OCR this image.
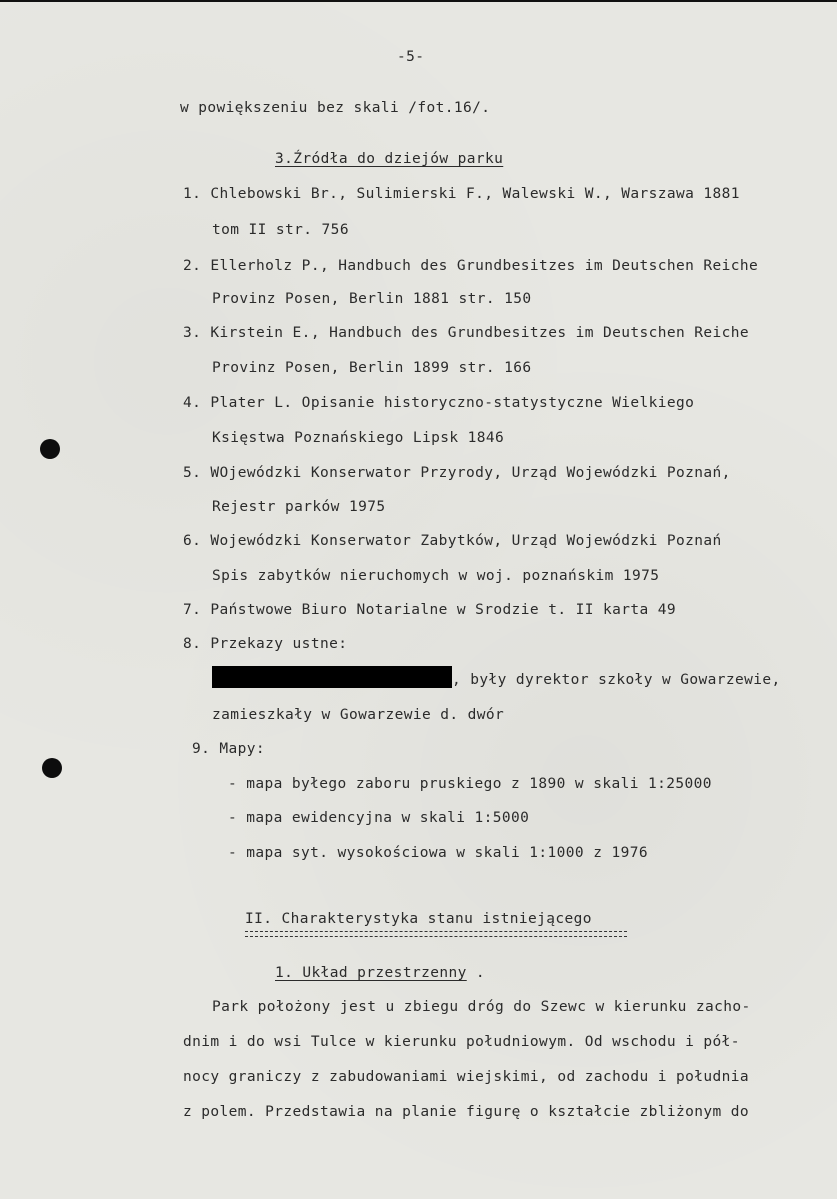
-5-
w powiększeniu bez skali /fot.16/.
3.Źródła do dziejów parku
1. Chlebowski Br., Sulimierski F., Walewski W., Warszawa 1881
tom II str. 756
2. Ellerholz P., Handbuch des Grundbesitzes im Deutschen Reiche
Provinz Posen, Berlin 1881 str. 150
3. Kirstein E., Handbuch des Grundbesitzes im Deutschen Reiche
Provinz Posen, Berlin 1899 str. 166
4. Plater L. Opisanie historyczno-statystyczne Wielkiego
Księstwa Poznańskiego Lipsk 1846
5. WOjewódzki Konserwator Przyrody, Urząd Wojewódzki Poznań,
Rejestr parków 1975
6. Wojewódzki Konserwator Zabytków, Urząd Wojewódzki Poznań
Spis zabytków nieruchomych w woj. poznańskim 1975
7. Państwowe Biuro Notarialne w Srodzie t. II karta 49
8. Przekazy ustne:
, były dyrektor szkoły w Gowarzewie,
zamieszkały w Gowarzewie d. dwór
9. Mapy:
- mapa byłego zaboru pruskiego z 1890 w skali 1:25000
- mapa ewidencyjna w skali 1:5000
- mapa syt. wysokościowa w skali 1:1000 z 1976
II. Charakterystyka stanu istniejącego
1. Układ przestrzenny .
Park położony jest u zbiegu dróg do Szewc w kierunku zacho-
dnim i do wsi Tulce w kierunku południowym. Od wschodu i pół-
nocy graniczy z zabudowaniami wiejskimi, od zachodu i południa
z polem. Przedstawia na planie figurę o kształcie zbliżonym do
